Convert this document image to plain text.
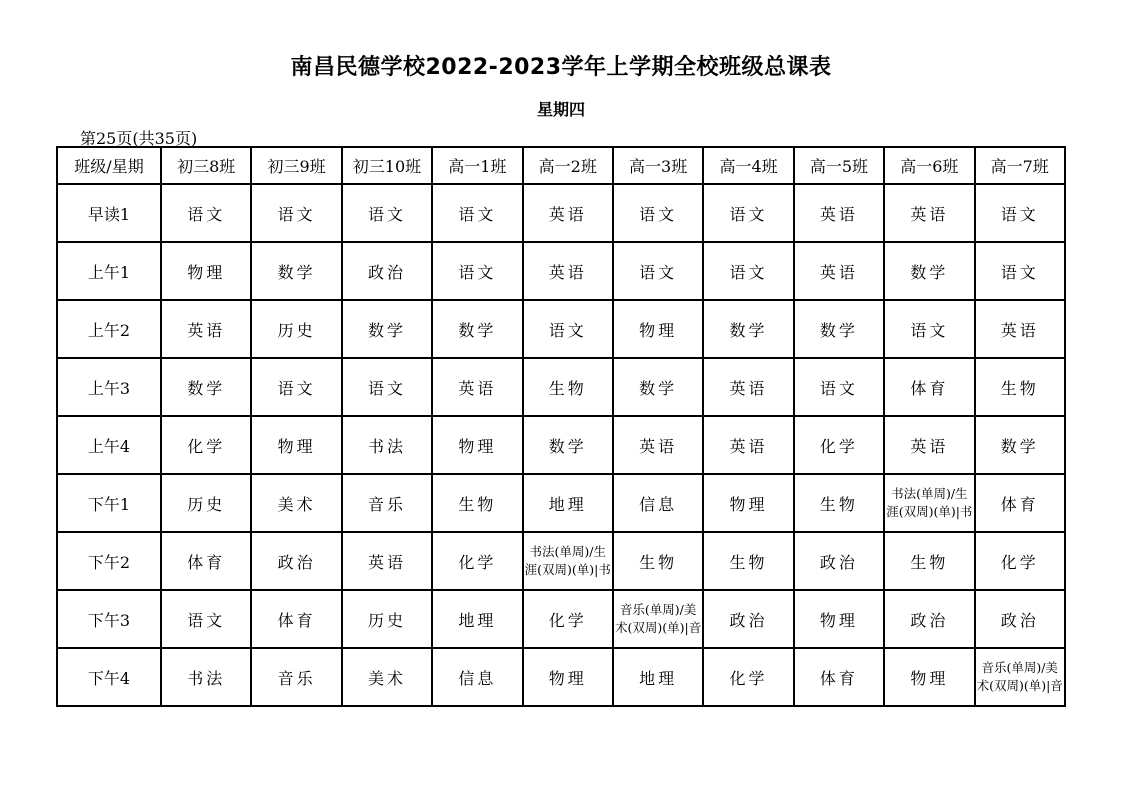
南昌民德学校2022-2023学年上学期全校班级总课表
星期四
第25页(共35页)
班级/星期	初三8班	初三9班	初三10班	高一1班	高一2班	高一3班	高一4班	高一5班	高一6班	高一7班
早读1	语文	语文	语文	语文	英语	语文	语文	英语	英语	语文
上午1	物理	数学	政治	语文	英语	语文	语文	英语	数学	语文
上午2	英语	历史	数学	数学	语文	物理	数学	数学	语文	英语
上午3	数学	语文	语文	英语	生物	数学	英语	语文	体育	生物
上午4	化学	物理	书法	物理	数学	英语	英语	化学	英语	数学
下午1	历史	美术	音乐	生物	地理	信息	物理	生物	书法(单周)/生涯(双周)(单)|书	体育
下午2	体育	政治	英语	化学	书法(单周)/生涯(双周)(单)|书	生物	生物	政治	生物	化学
下午3	语文	体育	历史	地理	化学	音乐(单周)/美术(双周)(单)|音	政治	物理	政治	政治
下午4	书法	音乐	美术	信息	物理	地理	化学	体育	物理	音乐(单周)/美术(双周)(单)|音
